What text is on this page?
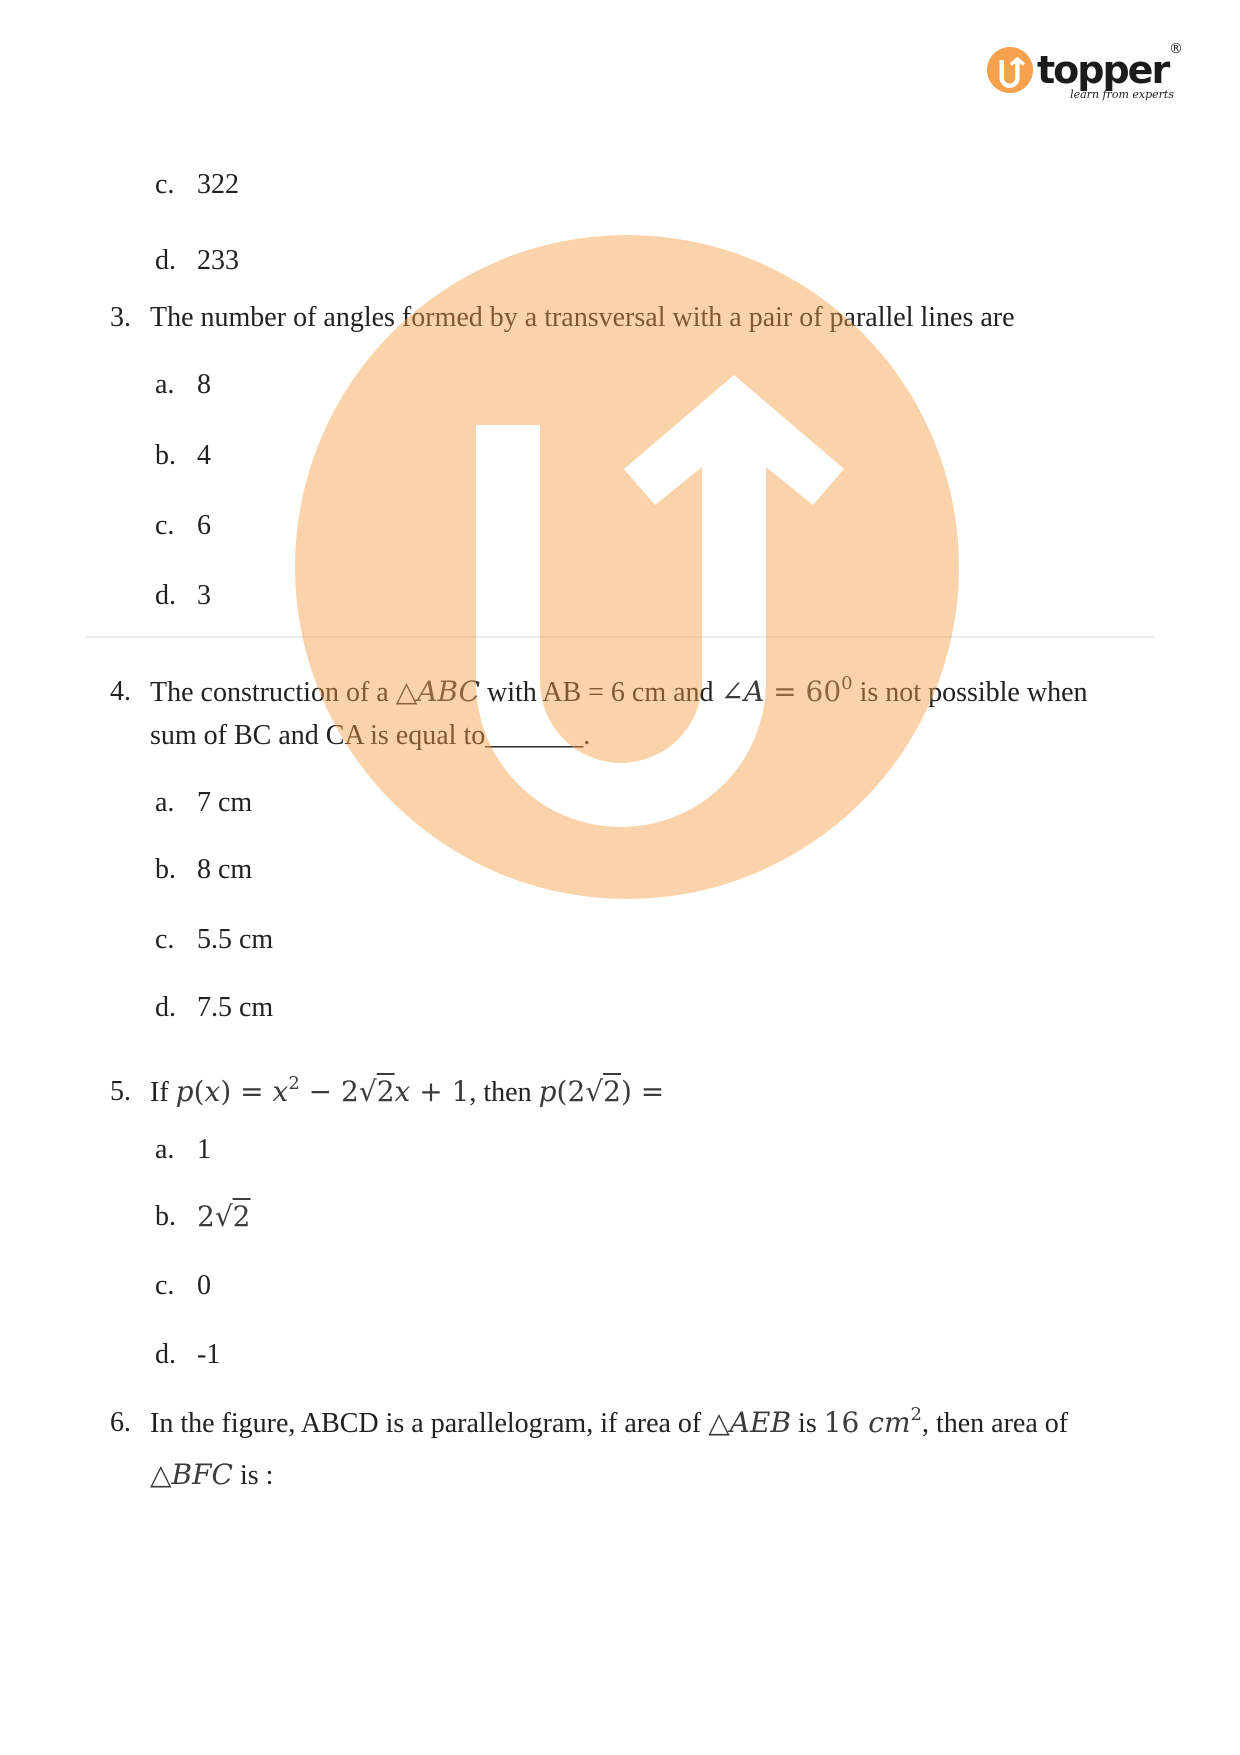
topper ®
learn from experts
c. 322
d. 233
3. The number of angles formed by a transversal with a pair of parallel lines are
a. 8
b. 4
c. 6
d. 3
4. The construction of a △ABC with AB = 6 cm and ∠A = $60^0$ is not possible when
sum of BC and CA is equal to_______.
a. 7 cm
b. 8 cm
c. 5.5 cm
d. 7.5 cm
5. If $p(x) = x^2 - 2√2x + 1$, then p(2√2) =
a. 1
b. 2√2
c. 0
d. -1
6. In the figure, ABCD is a parallelogram, if area of △AEB is 16 $cm^2$, then area of
△BFC is :
